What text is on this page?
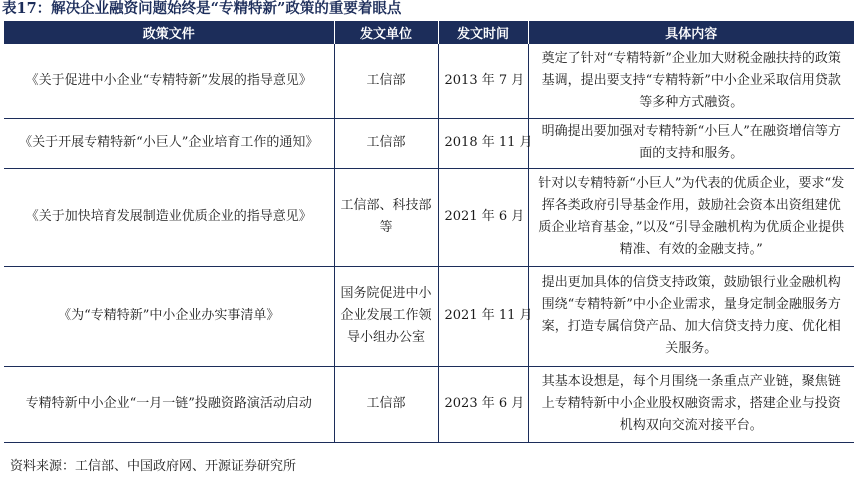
表17：解决企业融资问题始终是“专精特新”政策的重要着眼点
政策文件	发文单位	发文时间	具体内容
《关于促进中小企业“专精特新”发展的指导意见》	工信部	2013 年 7 月	奠定了针对“专精特新”企业加大财税金融扶持的政策基调，提出要支持“专精特新”中小企业采取信用贷款等多种方式融资。
《关于开展专精特新“小巨人”企业培育工作的通知》	工信部	2018 年 11 月	明确提出要加强对专精特新“小巨人”在融资增信等方面的支持和服务。
《关于加快培育发展制造业优质企业的指导意见》	工信部、科技部等	2021 年 6 月	针对以专精特新“小巨人”为代表的优质企业，要求“发挥各类政府引导基金作用，鼓励社会资本出资组建优质企业培育基金，”以及“引导金融机构为优质企业提供精准、有效的金融支持。”
《为“专精特新”中小企业办实事清单》	国务院促进中小企业发展工作领导小组办公室	2021 年 11 月	提出更加具体的信贷支持政策，鼓励银行业金融机构围绕“专精特新”中小企业需求，量身定制金融服务方案，打造专属信贷产品、加大信贷支持力度、优化相关服务。
专精特新中小企业“一月一链”投融资路演活动启动	工信部	2023 年 6 月	其基本设想是，每个月围绕一条重点产业链，聚焦链上专精特新中小企业股权融资需求，搭建企业与投资机构双向交流对接平台。
资料来源：工信部、中国政府网、开源证券研究所
